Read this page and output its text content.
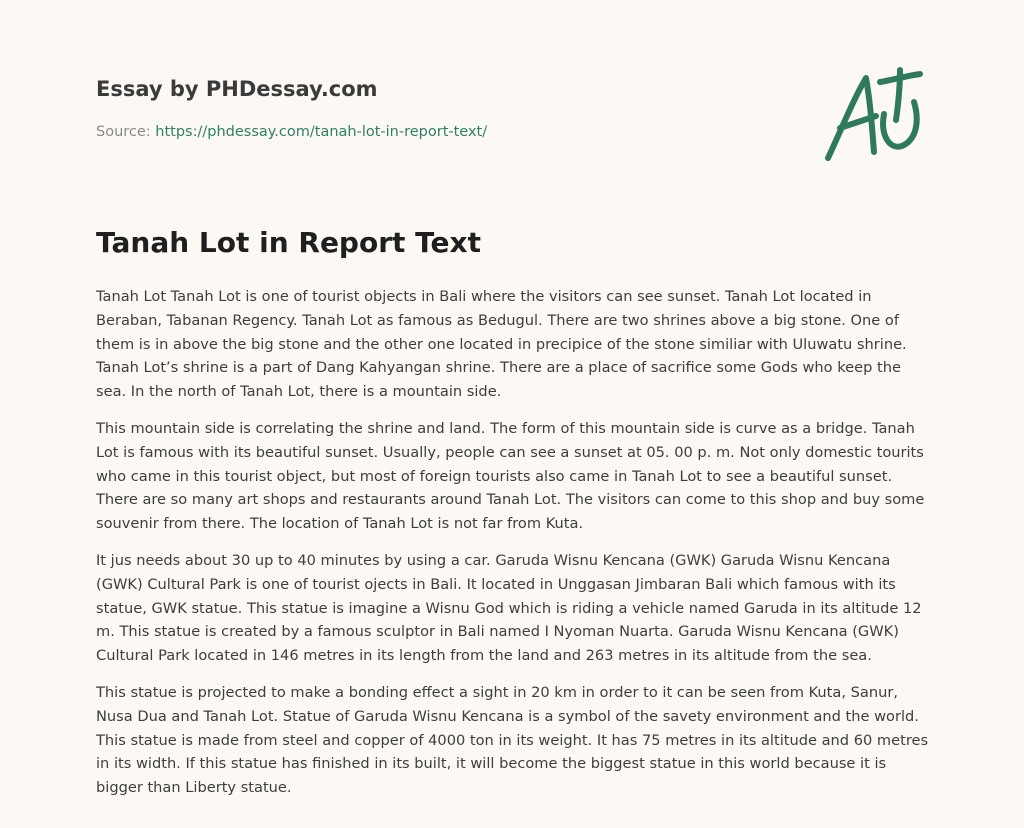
Essay by PHDessay.com
Source: https://phdessay.com/tanah-lot-in-report-text/
Tanah Lot in Report Text

Tanah Lot Tanah Lot is one of tourist objects in Bali where the visitors can see sunset. Tanah Lot located in Beraban, Tabanan Regency. Tanah Lot as famous as Bedugul. There are two shrines above a big stone. One of them is in above the big stone and the other one located in precipice of the stone similiar with Uluwatu shrine. Tanah Lot’s shrine is a part of Dang Kahyangan shrine. There are a place of sacrifice some Gods who keep the sea. In the north of Tanah Lot, there is a mountain side.

This mountain side is correlating the shrine and land. The form of this mountain side is curve as a bridge. Tanah Lot is famous with its beautiful sunset. Usually, people can see a sunset at 05. 00 p. m. Not only domestic tourits who came in this tourist object, but most of foreign tourists also came in Tanah Lot to see a beautiful sunset. There are so many art shops and restaurants around Tanah Lot. The visitors can come to this shop and buy some souvenir from there. The location of Tanah Lot is not far from Kuta.

It jus needs about 30 up to 40 minutes by using a car. Garuda Wisnu Kencana (GWK) Garuda Wisnu Kencana (GWK) Cultural Park is one of tourist ojects in Bali. It located in Unggasan Jimbaran Bali which famous with its statue, GWK statue. This statue is imagine a Wisnu God which is riding a vehicle named Garuda in its altitude 12 m. This statue is created by a famous sculptor in Bali named I Nyoman Nuarta. Garuda Wisnu Kencana (GWK) Cultural Park located in 146 metres in its length from the land and 263 metres in its altitude from the sea.

This statue is projected to make a bonding effect a sight in 20 km in order to it can be seen from Kuta, Sanur, Nusa Dua and Tanah Lot. Statue of Garuda Wisnu Kencana is a symbol of the savety environment and the world. This statue is made from steel and copper of 4000 ton in its weight. It has 75 metres in its altitude and 60 metres in its width. If this statue has finished in its built, it will become the biggest statue in this world because it is bigger than Liberty statue.
